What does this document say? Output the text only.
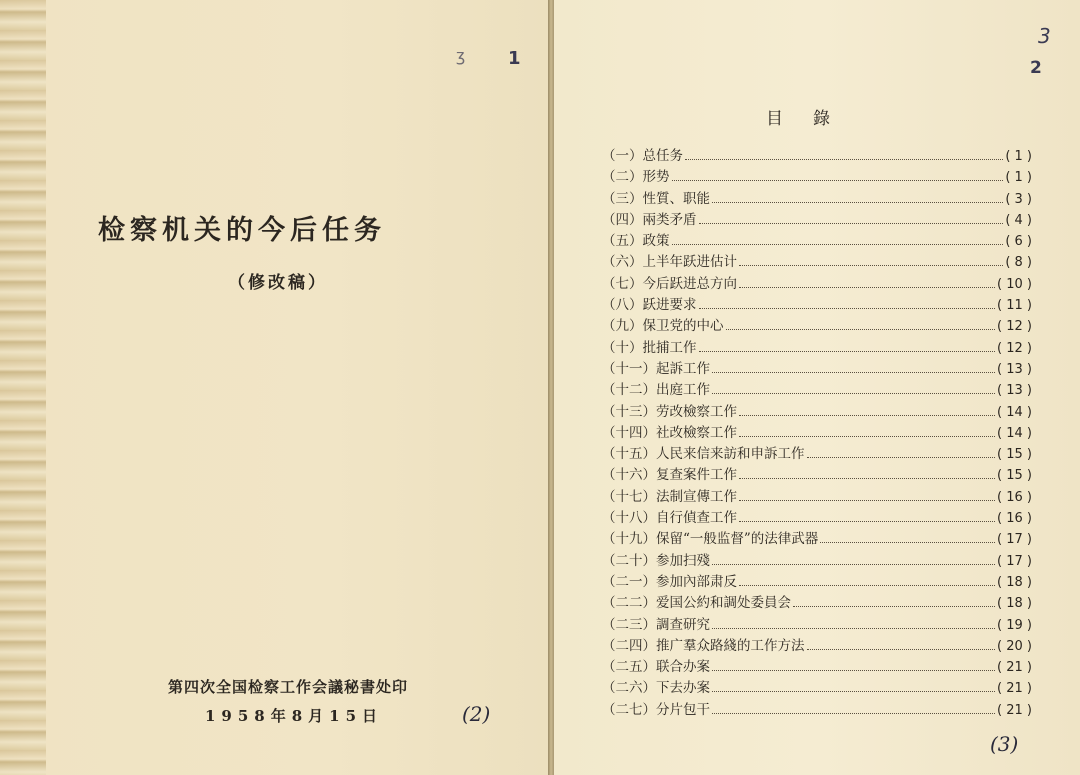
ʒ 1
检察机关的今后任务
（修改稿）
第四次全国检察工作会議秘書处印
1958年8月15日	(2)
3
2
目錄
（一） 总任务	( 1 )
（二） 形势	( 1 )
（三） 性質、职能	( 3 )
（四） 兩类矛盾	( 4 )
（五） 政策	( 6 )
（六） 上半年跃进估计	( 8 )
（七） 今后跃进总方向	( 10 )
（八） 跃进要求	( 11 )
（九） 保卫党的中心	( 12 )
（十） 批捕工作	( 12 )
（十一） 起訴工作	( 13 )
（十二） 出庭工作	( 13 )
（十三） 劳改檢察工作	( 14 )
（十四） 社改檢察工作	( 14 )
（十五） 人民来信来訪和申訴工作	( 15 )
（十六） 复查案件工作	( 15 )
（十七） 法制宣傳工作	( 16 )
（十八） 自行偵查工作	( 16 )
（十九） 保留“一般监督”的法律武器	( 17 )
（二十） 参加扫殘	( 17 )
（二一） 参加內部肃反	( 18 )
（二二） 爱国公約和調处委員会	( 18 )
（二三） 調查研究	( 19 )
（二四） 推广羣众路綫的工作方法	( 20 )
（二五） 联合办案	( 21 )
（二六） 下去办案	( 21 )
（二七） 分片包干	( 21 )
(3)
